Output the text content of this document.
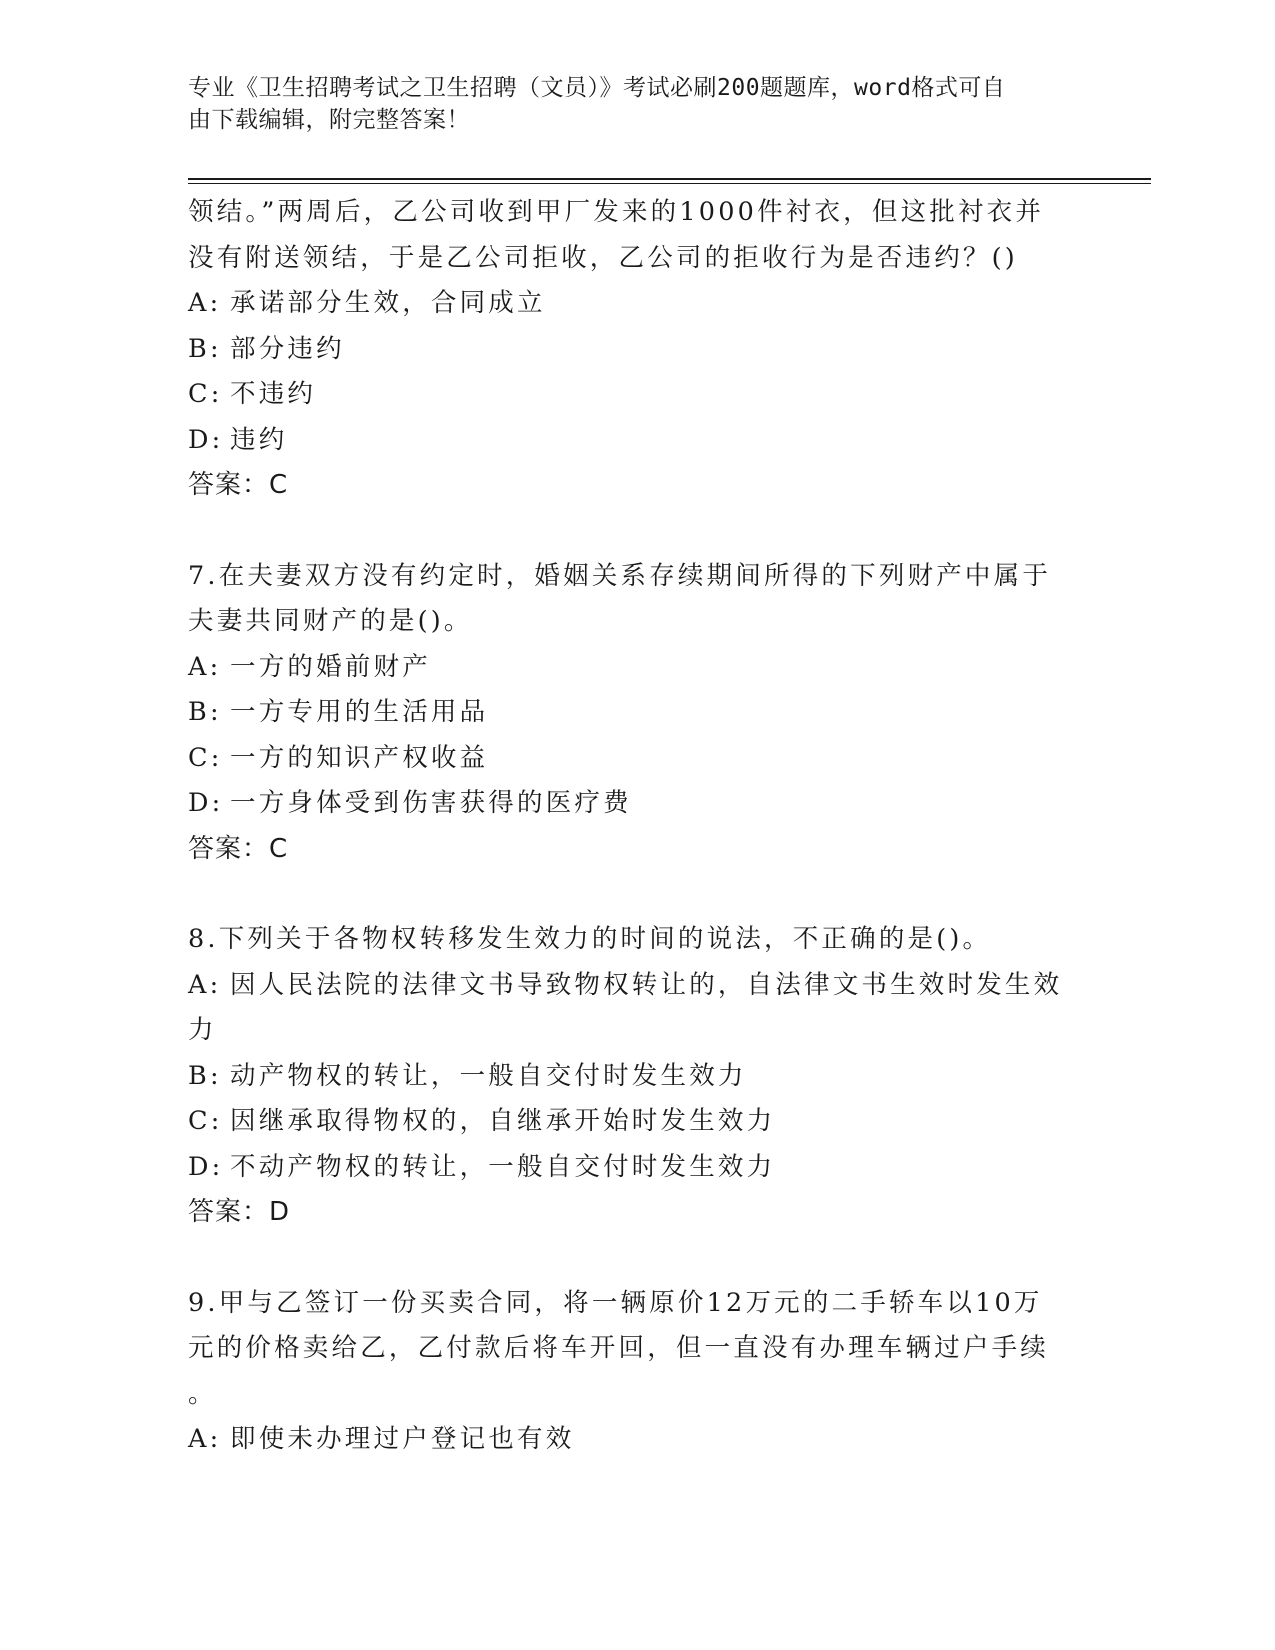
专业《卫生招聘考试之卫生招聘（文员）》考试必刷200题题库，word格式可自
由下载编辑，附完整答案！
领结。”两周后，乙公司收到甲厂发来的1000件衬衣，但这批衬衣并
没有附送领结，于是乙公司拒收，乙公司的拒收行为是否违约？()
A: 承诺部分生效，合同成立
B: 部分违约
C: 不违约
D: 违约
答案：C
7.在夫妻双方没有约定时，婚姻关系存续期间所得的下列财产中属于
夫妻共同财产的是()。
A: 一方的婚前财产
B: 一方专用的生活用品
C: 一方的知识产权收益
D: 一方身体受到伤害获得的医疗费
答案：C
8.下列关于各物权转移发生效力的时间的说法，不正确的是()。
A: 因人民法院的法律文书导致物权转让的，自法律文书生效时发生效
力
B: 动产物权的转让，一般自交付时发生效力
C: 因继承取得物权的，自继承开始时发生效力
D: 不动产物权的转让，一般自交付时发生效力
答案：D
9.甲与乙签订一份买卖合同，将一辆原价12万元的二手轿车以10万
元的价格卖给乙，乙付款后将车开回，但一直没有办理车辆过户手续
。
A: 即使未办理过户登记也有效
